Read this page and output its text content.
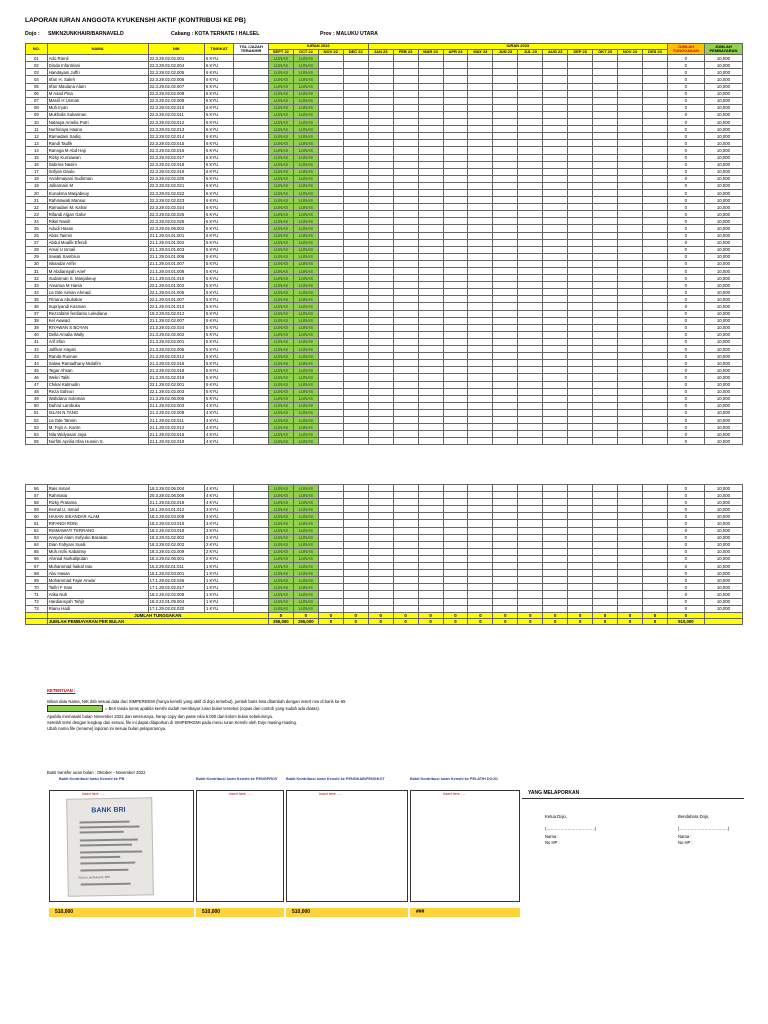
LAPORAN IURAN ANGGOTA KYUKENSHI AKTIF (KONTRIBUSI KE PB)
Dojo : SMKN2UNKHAIR/BARNAVELD	Cabang : KOTA TERNATE / HALSEL	Prov : MALUKU UTARA
NO.	NAMA	NIK	TINGKAT	TGL IJAZAH TERAKHIR	IURAN 2022				IURAN 2023												JUMLAH TUNGGAKAN	JUMLAH PEMBAYARAN
					SEPT 22	OCT 22	NOV 22	DEC 22	JAN 23	FEB 23	MAR 23	APR 23	MAY 23	JUN 23	JUL 23	AUG 23	SEP 23	OKT 23	NOV 23	DES 23		
01	Ado Ramil	22.3.29.02.02.001	6 KYU		LUNAS	LUNAS															0	10,000
02	Dinda Infantriani	22.3.29.02.02.004	6 KYU		LUNAS	LUNAS															0	10,000
03	Handayani Juffri	22.3.29.02.02.005	6 KYU		LUNAS	LUNAS															0	10,000
04	Irfan H. Saleh	22.3.29.02.02.006	6 KYU		LUNAS	LUNAS															0	10,000
05	Irfan Maulana Alam	22.3.29.02.02.007	6 KYU		LUNAS	LUNAS															0	10,000
06	M Asad Pina	22.3.29.02.02.008	6 KYU		LUNAS	LUNAS															0	10,000
07	Masril H Usman	22.3.29.02.02.009	6 KYU		LUNAS	LUNAS															0	10,000
08	Muh.Iryan	22.3.29.02.02.010	6 KYU		LUNAS	LUNAS															0	10,000
09	Mukhalis Sukarman	22.3.29.02.02.011	6 KYU		LUNAS	LUNAS															0	10,000
10	Natasya Amelia Putri	22.3.29.02.02.012	6 KYU		LUNAS	LUNAS															0	10,000
11	Nurhinaya Haanu	22.3.29.02.02.013	6 KYU		LUNAS	LUNAS															0	10,000
12	Ramadani Sadiq	22.3.29.02.02.014	6 KYU		LUNAS	LUNAS															0	10,000
13	Randi Taufik	22.3.29.02.02.015	6 KYU		LUNAS	LUNAS															0	10,000
14	Rannga M Abd Haji	22.3.29.02.02.016	6 KYU		LUNAS	LUNAS															0	10,000
15	Rizky Kurniawan	22.3.29.02.02.017	6 KYU		LUNAS	LUNAS															0	10,000
16	Sabrina Nasim	22.3.29.02.02.018	6 KYU		LUNAS	LUNAS															0	10,000
17	Sofyan Daulu	22.3.29.02.02.019	6 KYU		LUNAS	LUNAS															0	10,000
18	Arrahmayani Sudirman	22.3.29.02.02.020	6 KYU		LUNAS	LUNAS															0	10,000
19	Julkarnain M	22.3.29.02.02.021	6 KYU		LUNAS	LUNAS															0	10,000
20	Kunakma Manjabeuy	22.3.29.02.02.022	6 KYU		LUNAS	LUNAS															0	10,000
21	Rahmawati Mansur	22.3.29.02.02.023	6 KYU		LUNAS	LUNAS															0	10,000
22	Ramadani M. Kahar	22.3.29.02.02.024	6 KYU		LUNAS	LUNAS															0	10,000
23	Rifandi Algan Gafur	22.3.29.02.02.025	6 KYU		LUNAS	LUNAS															0	10,000
24	Rikel Nasih	22.3.29.02.02.026	6 KYU		LUNAS	LUNAS															0	10,000
25	Adudi Hasan	22.3.29.02.06.002	6 KYU		LUNAS	LUNAS															0	10,000
26	Abas Taimin	21.1.29.04.01.001	5 KYU		LUNAS	LUNAS															0	10,000
27	Abdul Muafik Efendi	21.1.29.04.01.002	5 KYU		LUNAS	LUNAS															0	10,000
28	Amal U Ismail	21.1.29.04.01.003	5 KYU		LUNAS	LUNAS															0	10,000
29	Irawati Sambrun	21.1.29.04.01.006	5 KYU		LUNAS	LUNAS															0	10,000
30	Iskandar Arifin	21.1.29.04.01.007	5 KYU		LUNAS	LUNAS															0	10,000
31	M Abdiansyah Arief	21.1.29.04.01.008	5 KYU		LUNAS	LUNAS															0	10,000
32	Sudarman S. Manjabeuy	21.1.29.04.01.010	5 KYU		LUNAS	LUNAS															0	10,000
33	Amanua M Hania	22.1.29.04.01.002	5 KYU		LUNAS	LUNAS															0	10,000
34	La Ode Aiman Ahmad	22.1.29.04.01.005	5 KYU		LUNAS	LUNAS															0	10,000
35	Fitriana Abubakar	22.1.29.04.01.007	5 KYU		LUNAS	LUNAS															0	10,000
36	Supriyandi Kasman	22.1.29.04.01.010	5 KYU		LUNAS	LUNAS															0	10,000
37	Rezzafahri ferdianto Lelediana	19.3.29.02.02.012	5 KYU		LUNAS	LUNAS															0	10,000
38	Kel Awwad	21.1.29.02.02.007	5 KYU		LUNAS	LUNAS															0	10,000
39	RIYAWAN S BOYAN	21.3.29.02.02.024	5 KYU		LUNAS	LUNAS															0	10,000
40	Della Amalia Wally	21.3.29.02.02.002	5 KYU		LUNAS	LUNAS															0	10,000
41	Arif Irfan	21.3.29.02.02.001	5 KYU		LUNAS	LUNAS															0	10,000
42	Julfikar Hayati	21.3.29.02.02.006	5 KYU		LUNAS	LUNAS															0	10,000
43	Randa Rusnan	21.3.29.02.02.012	5 KYU		LUNAS	LUNAS															0	10,000
44	Salwa Ramadhany Mulafim	21.3.29.02.02.016	5 KYU		LUNAS	LUNAS															0	10,000
45	Tegar Ahsan	21.3.29.02.02.018	5 KYU		LUNAS	LUNAS															0	10,000
46	Wekri Talib	21.3.29.02.02.019	5 KYU		LUNAS	LUNAS															0	10,000
47	Chikal Kalmudin	22.1.29.02.02.001	5 KYU		LUNAS	LUNAS															0	10,000
48	Reza Sahrun	22.1.29.02.02.003	5 KYU		LUNAS	LUNAS															0	10,000
49	Wahdana Soleman	21.3.29.02.06.006	5 KYU		LUNAS	LUNAS															0	10,000
50	Dahrul Lambuku	21.1.29.02.02.003	4 KYU		LUNAS	LUNAS															0	10,000
51	ISLAN N.TANG	21.3.29.02.02.008	4 KYU		LUNAS	LUNAS															0	10,000
52	La Ode Tamim	21.1.29.02.02.011	4 KYU		LUNAS	LUNAS															0	10,000
53	M. Fajri A. Karim	21.1.29.02.02.012	4 KYU		LUNAS	LUNAS															0	10,000
54	Nila Widyasari Jaya	21.1.29.02.02.016	4 KYU		LUNAS	LUNAS															0	10,000
55	Nurfitri Aprilia Irfan Husein S.	21.1.29.02.02.019	4 KYU		LUNAS	LUNAS															0	10,000
56	Rais Ismail	19.3.29.02.06.004	4 KYU		LUNAS	LUNAS															0	10,000
57	Rahmatia	20.3.29.02.06.008	4 KYU		LUNAS	LUNAS															0	10,000
58	Rizky Pratama	21.1.29.02.02.018	4 KYU		LUNAS	LUNAS															0	10,000
59	Kemal U. Ismail	19.1.29.04.01.012	3 KYU		LUNAS	LUNAS															0	10,000
60	HASAN ISKANDAR ALAM	18.2.29.02.03.008	3 KYU		LUNAS	LUNAS															0	10,000
61	RIFANDI RONI	18.2.29.02.03.016	3 KYU		LUNAS	LUNAS															0	10,000
62	RISMAWATI TERRANG	18.2.29.02.03.018	3 KYU		LUNAS	LUNAS															0	10,000
63	Ansyari Alam Sofyuko Barakati	18.3.29.02.02.002	3 KYU		LUNAS	LUNAS															0	10,000
64	Dian Fahyani Susili	18.3.29.02.02.002	2 KYU		LUNAS	LUNAS															0	10,000
65	Muh.rezki Kabalnsy	18.3.29.02.02.009	2 KYU		LUNAS	LUNAS															0	10,000
66	Ahmad Nurkaliputan	18.3.29.02.06.001	2 KYU		LUNAS	LUNAS															0	10,000
67	Muhammad haikal ratu	16.2.29.02.01.011	1 KYU		LUNAS	LUNAS															0	10,000
68	Abu Hasan	15.1.29.02.03.001	1 KYU		LUNAS	LUNAS															0	10,000
69	Mohammad Fajar Anwar	17.1.29.02.02.026	1 KYU		LUNAS	LUNAS															0	10,000
70	Taifiri F Irani	17.1.29.02.02.017	1 KYU		LUNAS	LUNAS															0	10,000
71	Atika Nuh	18.2.29.02.02.009	1 KYU		LUNAS	LUNAS															0	10,000
72	Hardiansyah Tahjir	18.3.22.01.09.004	1 KYU		LUNAS	LUNAS															0	10,000
73	Rianu Hadi	17.1.29.02.02.020	1 KYU		LUNAS	LUNAS															0	10,000
	JUMLAH TUNGGAKAN				0	0	0	0	0	0	0	0	0	0	0	0	0	0	0	0	0	
	JUMLAH PEMBAYARAN PER BULAN				255,000	255,000	0	0	0	0	0	0	0	0	0	0	0	0	0	0	510,000	
KETENTUAN :
Isikan data Nama, NIK dsb sesuai data dari SIMPERKEMI (hanya kenshi yang aktif di dojo tersebut), jumlah baris bisa ditambah dengan insert row di baris ke-55
= Beri tanda lunas apabila kenshi sudah membayar iuran bulan tersebut (copas dari contoh yang sudah ada diatas).
Apabila memasuki bulan November 2022 dan seterusnya, harap copy dan paste nilai 5.000 dari kolom bulan sebelumnya.
Setelah terisi dengan lengkap dan sesuai, file ini dapat dilaporkan di SIMPERKEMI pada menu Iuran Kenshi oleh Dojo masing-masing.
Ubah nama file (rename) laporan ini sesuai bulan pelaporannya.
Bukti transfer iuran bulan : Oktober - November 2022
Bukti Kontribusi Iuran Kenshi ke PB	Bukti Kontribusi Iuran Kenshi ke PENGPROV Bukti Kontribusi Iuran Kenshi ke PENGKAB/PENGKOT	Bukti Kontribusi Iuran Kenshi ke PELATIH DOJO
Insert here .....	Insert here .....	Insert here .....	Insert here .....
BANK BRI
Ketua Lambukuran BRI
510,000	510,000	510,000	###
YANG MELAPORKAN
Ketua Dojo,	Bendahara Dojo,
(……………………………..)	(……………………………..)
Nama :	Nama :
No HP :	No HP :
